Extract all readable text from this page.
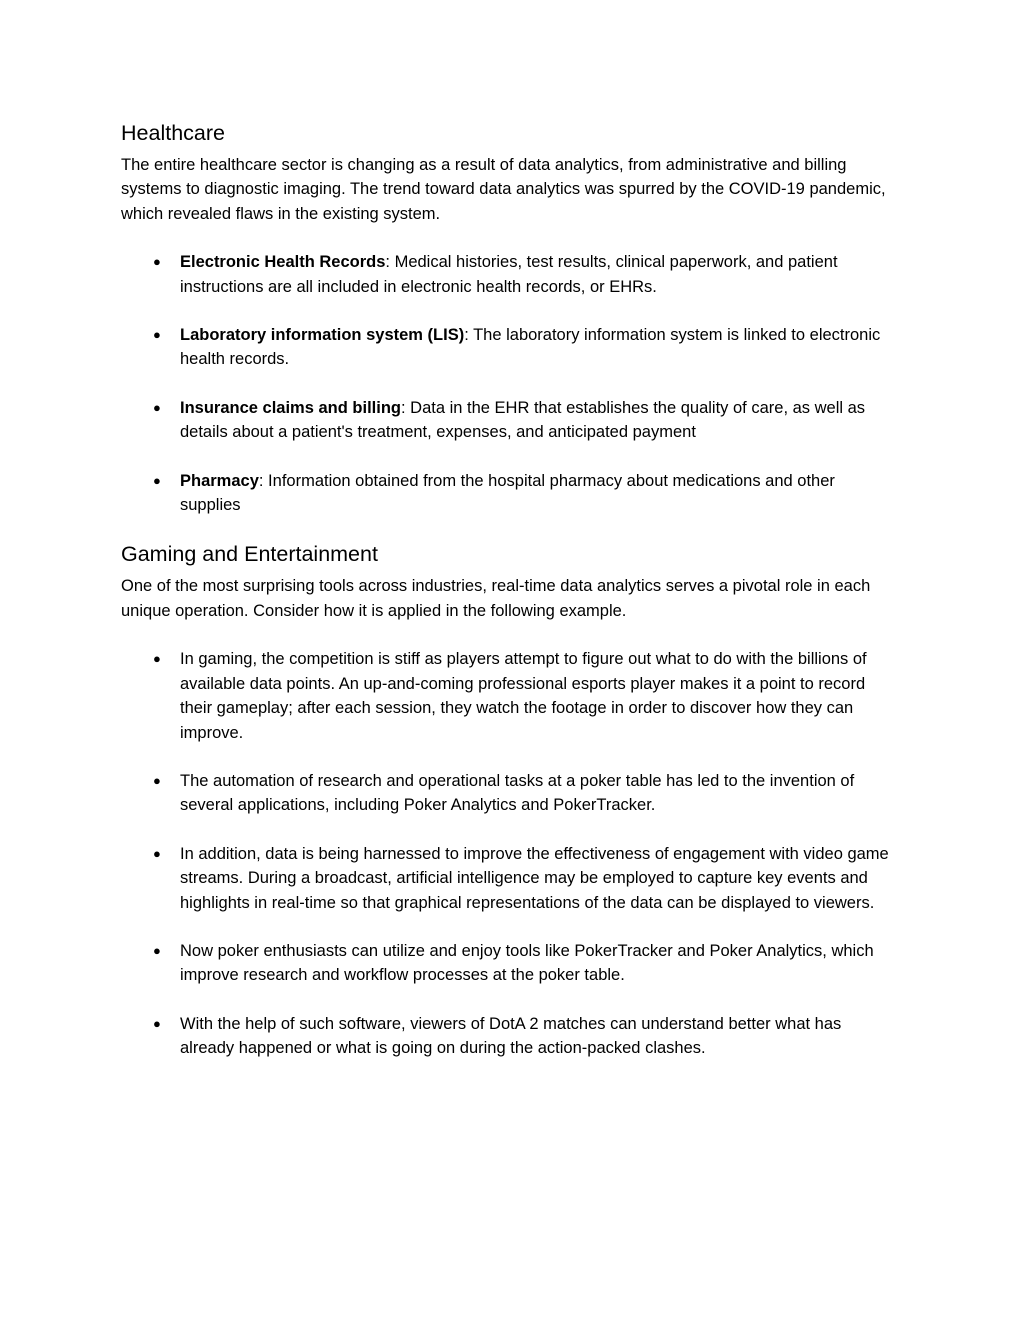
Healthcare

The entire healthcare sector is changing as a result of data analytics, from administrative and billing systems to diagnostic imaging. The trend toward data analytics was spurred by the COVID-19 pandemic, which revealed flaws in the existing system.

● Electronic Health Records: Medical histories, test results, clinical paperwork, and patient instructions are all included in electronic health records, or EHRs.
● Laboratory information system (LIS): The laboratory information system is linked to electronic health records.
● Insurance claims and billing: Data in the EHR that establishes the quality of care, as well as details about a patient's treatment, expenses, and anticipated payment
● Pharmacy: Information obtained from the hospital pharmacy about medications and other supplies
Gaming and Entertainment

One of the most surprising tools across industries, real-time data analytics serves a pivotal role in each unique operation. Consider how it is applied in the following example.

● In gaming, the competition is stiff as players attempt to figure out what to do with the billions of available data points. An up-and-coming professional esports player makes it a point to record their gameplay; after each session, they watch the footage in order to discover how they can improve.
● The automation of research and operational tasks at a poker table has led to the invention of several applications, including Poker Analytics and PokerTracker.
● In addition, data is being harnessed to improve the effectiveness of engagement with video game streams. During a broadcast, artificial intelligence may be employed to capture key events and highlights in real-time so that graphical representations of the data can be displayed to viewers.
● Now poker enthusiasts can utilize and enjoy tools like PokerTracker and Poker Analytics, which improve research and workflow processes at the poker table.
● With the help of such software, viewers of DotA 2 matches can understand better what has already happened or what is going on during the action-packed clashes.
